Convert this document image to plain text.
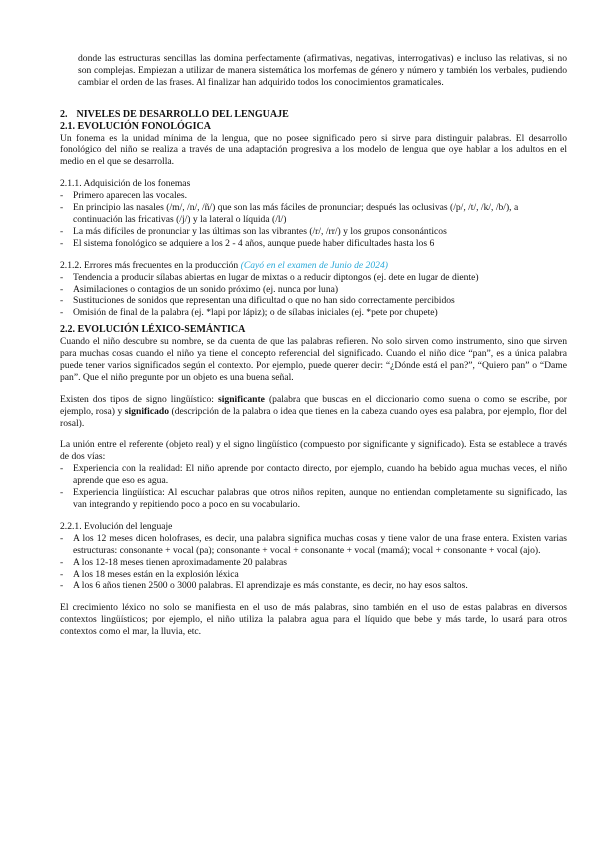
donde las estructuras sencillas las domina perfectamente (afirmativas, negativas, interrogativas) e incluso las relativas, si no son complejas. Empiezan a utilizar de manera sistemática los morfemas de género y número y también los verbales, pudiendo cambiar el orden de las frases. Al finalizar han adquirido todos los conocimientos gramaticales.

2. NIVELES DE DESARROLLO DEL LENGUAJE
2.1. EVOLUCIÓN FONOLÓGICA

Un fonema es la unidad mínima de la lengua, que no posee significado pero si sirve para distinguir palabras. El desarrollo fonológico del niño se realiza a través de una adaptación progresiva a los modelo de lengua que oye hablar a los adultos en el medio en el que se desarrolla.

2.1.1. Adquisición de los fonemas

- Primero aparecen las vocales.
- En principio las nasales (/m/, /n/, /ñ/) que son las más fáciles de pronunciar; después las oclusivas (/p/, /t/, /k/, /b/), a continuación las fricativas (/j/) y la lateral o líquida (/l/)
- La más difíciles de pronunciar y las últimas son las vibrantes (/r/, /rr/) y los grupos consonánticos
- El sistema fonológico se adquiere a los 2 - 4 años, aunque puede haber dificultades hasta los 6

2.1.2. Errores más frecuentes en la producción (Cayó en el examen de Junio de 2024)

- Tendencia a producir sílabas abiertas en lugar de mixtas o a reducir diptongos (ej. dete en lugar de diente)
- Asimilaciones o contagios de un sonido próximo (ej. nunca por luna)
- Sustituciones de sonidos que representan una dificultad o que no han sido correctamente percibidos
- Omisión de final de la palabra (ej. *lapi por lápiz); o de sílabas iniciales (ej. *pete por chupete)
2.2. EVOLUCIÓN LÉXICO-SEMÁNTICA

Cuando el niño descubre su nombre, se da cuenta de que las palabras refieren. No solo sirven como instrumento, sino que sirven para muchas cosas cuando el niño ya tiene el concepto referencial del significado. Cuando el niño dice “pan”, es a única palabra puede tener varios significados según el contexto. Por ejemplo, puede querer decir: “¿Dónde está el pan?”, “Quiero pan” o “Dame pan”. Que el niño pregunte por un objeto es una buena señal.

Existen dos tipos de signo lingüístico: significante (palabra que buscas en el diccionario como suena o como se escribe, por ejemplo, rosa) y significado (descripción de la palabra o idea que tienes en la cabeza cuando oyes esa palabra, por ejemplo, flor del rosal).

La unión entre el referente (objeto real) y el signo lingüístico (compuesto por significante y significado). Esta se establece a través de dos vías:

- Experiencia con la realidad: El niño aprende por contacto directo, por ejemplo, cuando ha bebido agua muchas veces, el niño aprende que eso es agua.
- Experiencia lingüística: Al escuchar palabras que otros niños repiten, aunque no entiendan completamente su significado, las van integrando y repitiendo poco a poco en su vocabulario.

2.2.1. Evolución del lenguaje

- A los 12 meses dicen holofrases, es decir, una palabra significa muchas cosas y tiene valor de una frase entera. Existen varias estructuras: consonante + vocal (pa); consonante + vocal + consonante + vocal (mamá); vocal + consonante + vocal (ajo).
- A los 12-18 meses tienen aproximadamente 20 palabras
- A los 18 meses están en la explosión léxica
- A los 6 años tienen 2500 o 3000 palabras. El aprendizaje es más constante, es decir, no hay esos saltos.

El crecimiento léxico no solo se manifiesta en el uso de más palabras, sino también en el uso de estas palabras en diversos contextos lingüísticos; por ejemplo, el niño utiliza la palabra agua para el líquido que bebe y más tarde, lo usará para otros contextos como el mar, la lluvia, etc.
